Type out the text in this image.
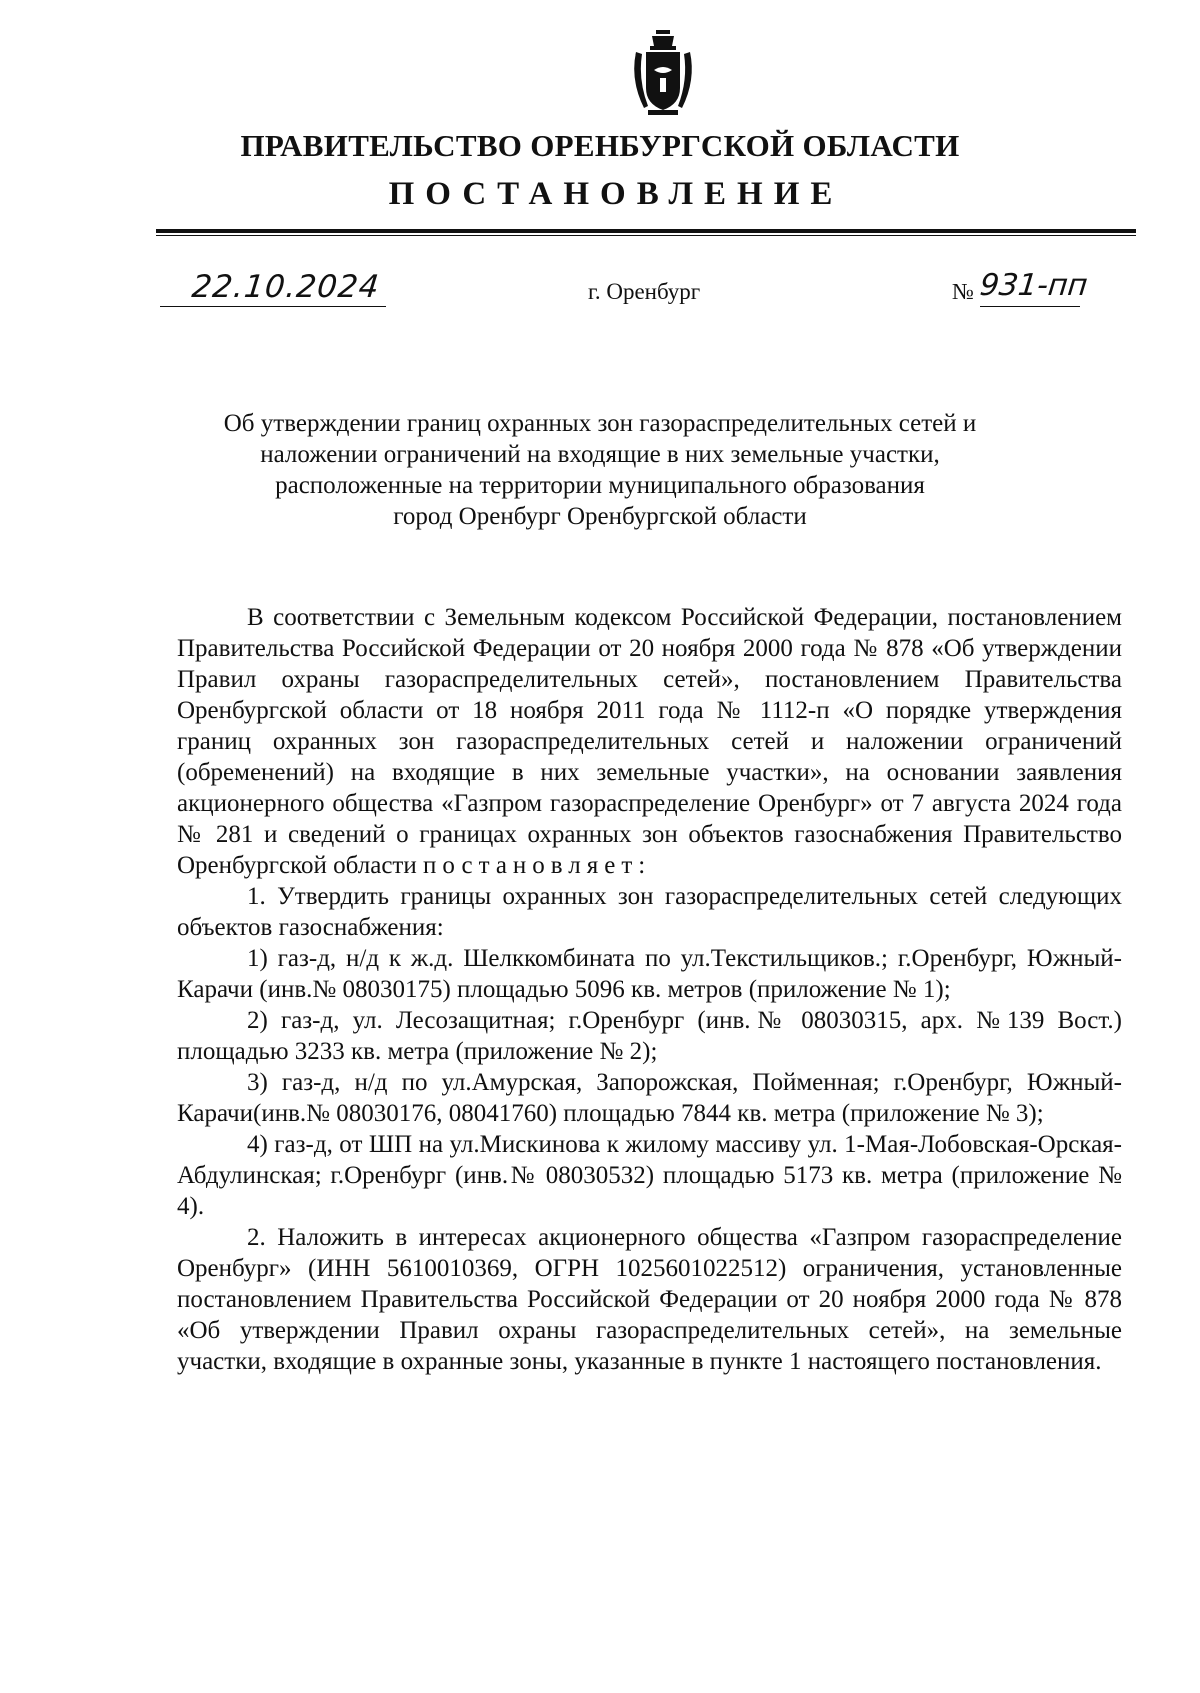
ПРАВИТЕЛЬСТВО ОРЕНБУРГСКОЙ ОБЛАСТИ
ПОСТАНОВЛЕНИЕ
22.10.2024	г. Оренбург	№ 931-пп
Об утверждении границ охранных зон газораспределительных сетей и
наложении ограничений на входящие в них земельные участки,
расположенные на территории муниципального образования
город Оренбург Оренбургской области

В соответствии с Земельным кодексом Российской Федерации, постановлением Правительства Российской Федерации от 20 ноября 2000 года № 878 «Об утверждении Правил охраны газораспределительных сетей», постановлением Правительства Оренбургской области от 18 ноября 2011 года № 1112-п «О порядке утверждения границ охранных зон газораспределительных сетей и наложении ограничений (обременений) на входящие в них земельные участки», на основании заявления акционерного общества «Газпром газораспределение Оренбург» от 7 августа 2024 года № 281 и сведений о границах охранных зон объектов газоснабжения Правительство Оренбургской области постановляет:

1. Утвердить границы охранных зон газораспределительных сетей следующих объектов газоснабжения:

1) газ-д, н/д к ж.д. Шелккомбината по ул.Текстильщиков.; г.Оренбург, Южный-Карачи (инв.№ 08030175) площадью 5096 кв. метров (приложение № 1);

2) газ-д, ул. Лесозащитная; г.Оренбург (инв.№ 08030315, арх. №139 Вост.) площадью 3233 кв. метра (приложение № 2);

3) газ-д, н/д по ул.Амурская, Запорожская, Пойменная; г.Оренбург, Южный-Карачи(инв.№ 08030176, 08041760) площадью 7844 кв. метра (приложение № 3);

4) газ-д, от ШП на ул.Мискинова к жилому массиву ул. 1-Мая-Лобовская-Орская-Абдулинская; г.Оренбург (инв.№ 08030532) площадью 5173 кв. метра (приложение № 4).

2. Наложить в интересах акционерного общества «Газпром газораспределение Оренбург» (ИНН 5610010369, ОГРН 1025601022512) ограничения, установленные постановлением Правительства Российской Федерации от 20 ноября 2000 года № 878 «Об утверждении Правил охраны газораспределительных сетей», на земельные участки, входящие в охранные зоны, указанные в пункте 1 настоящего постановления.
